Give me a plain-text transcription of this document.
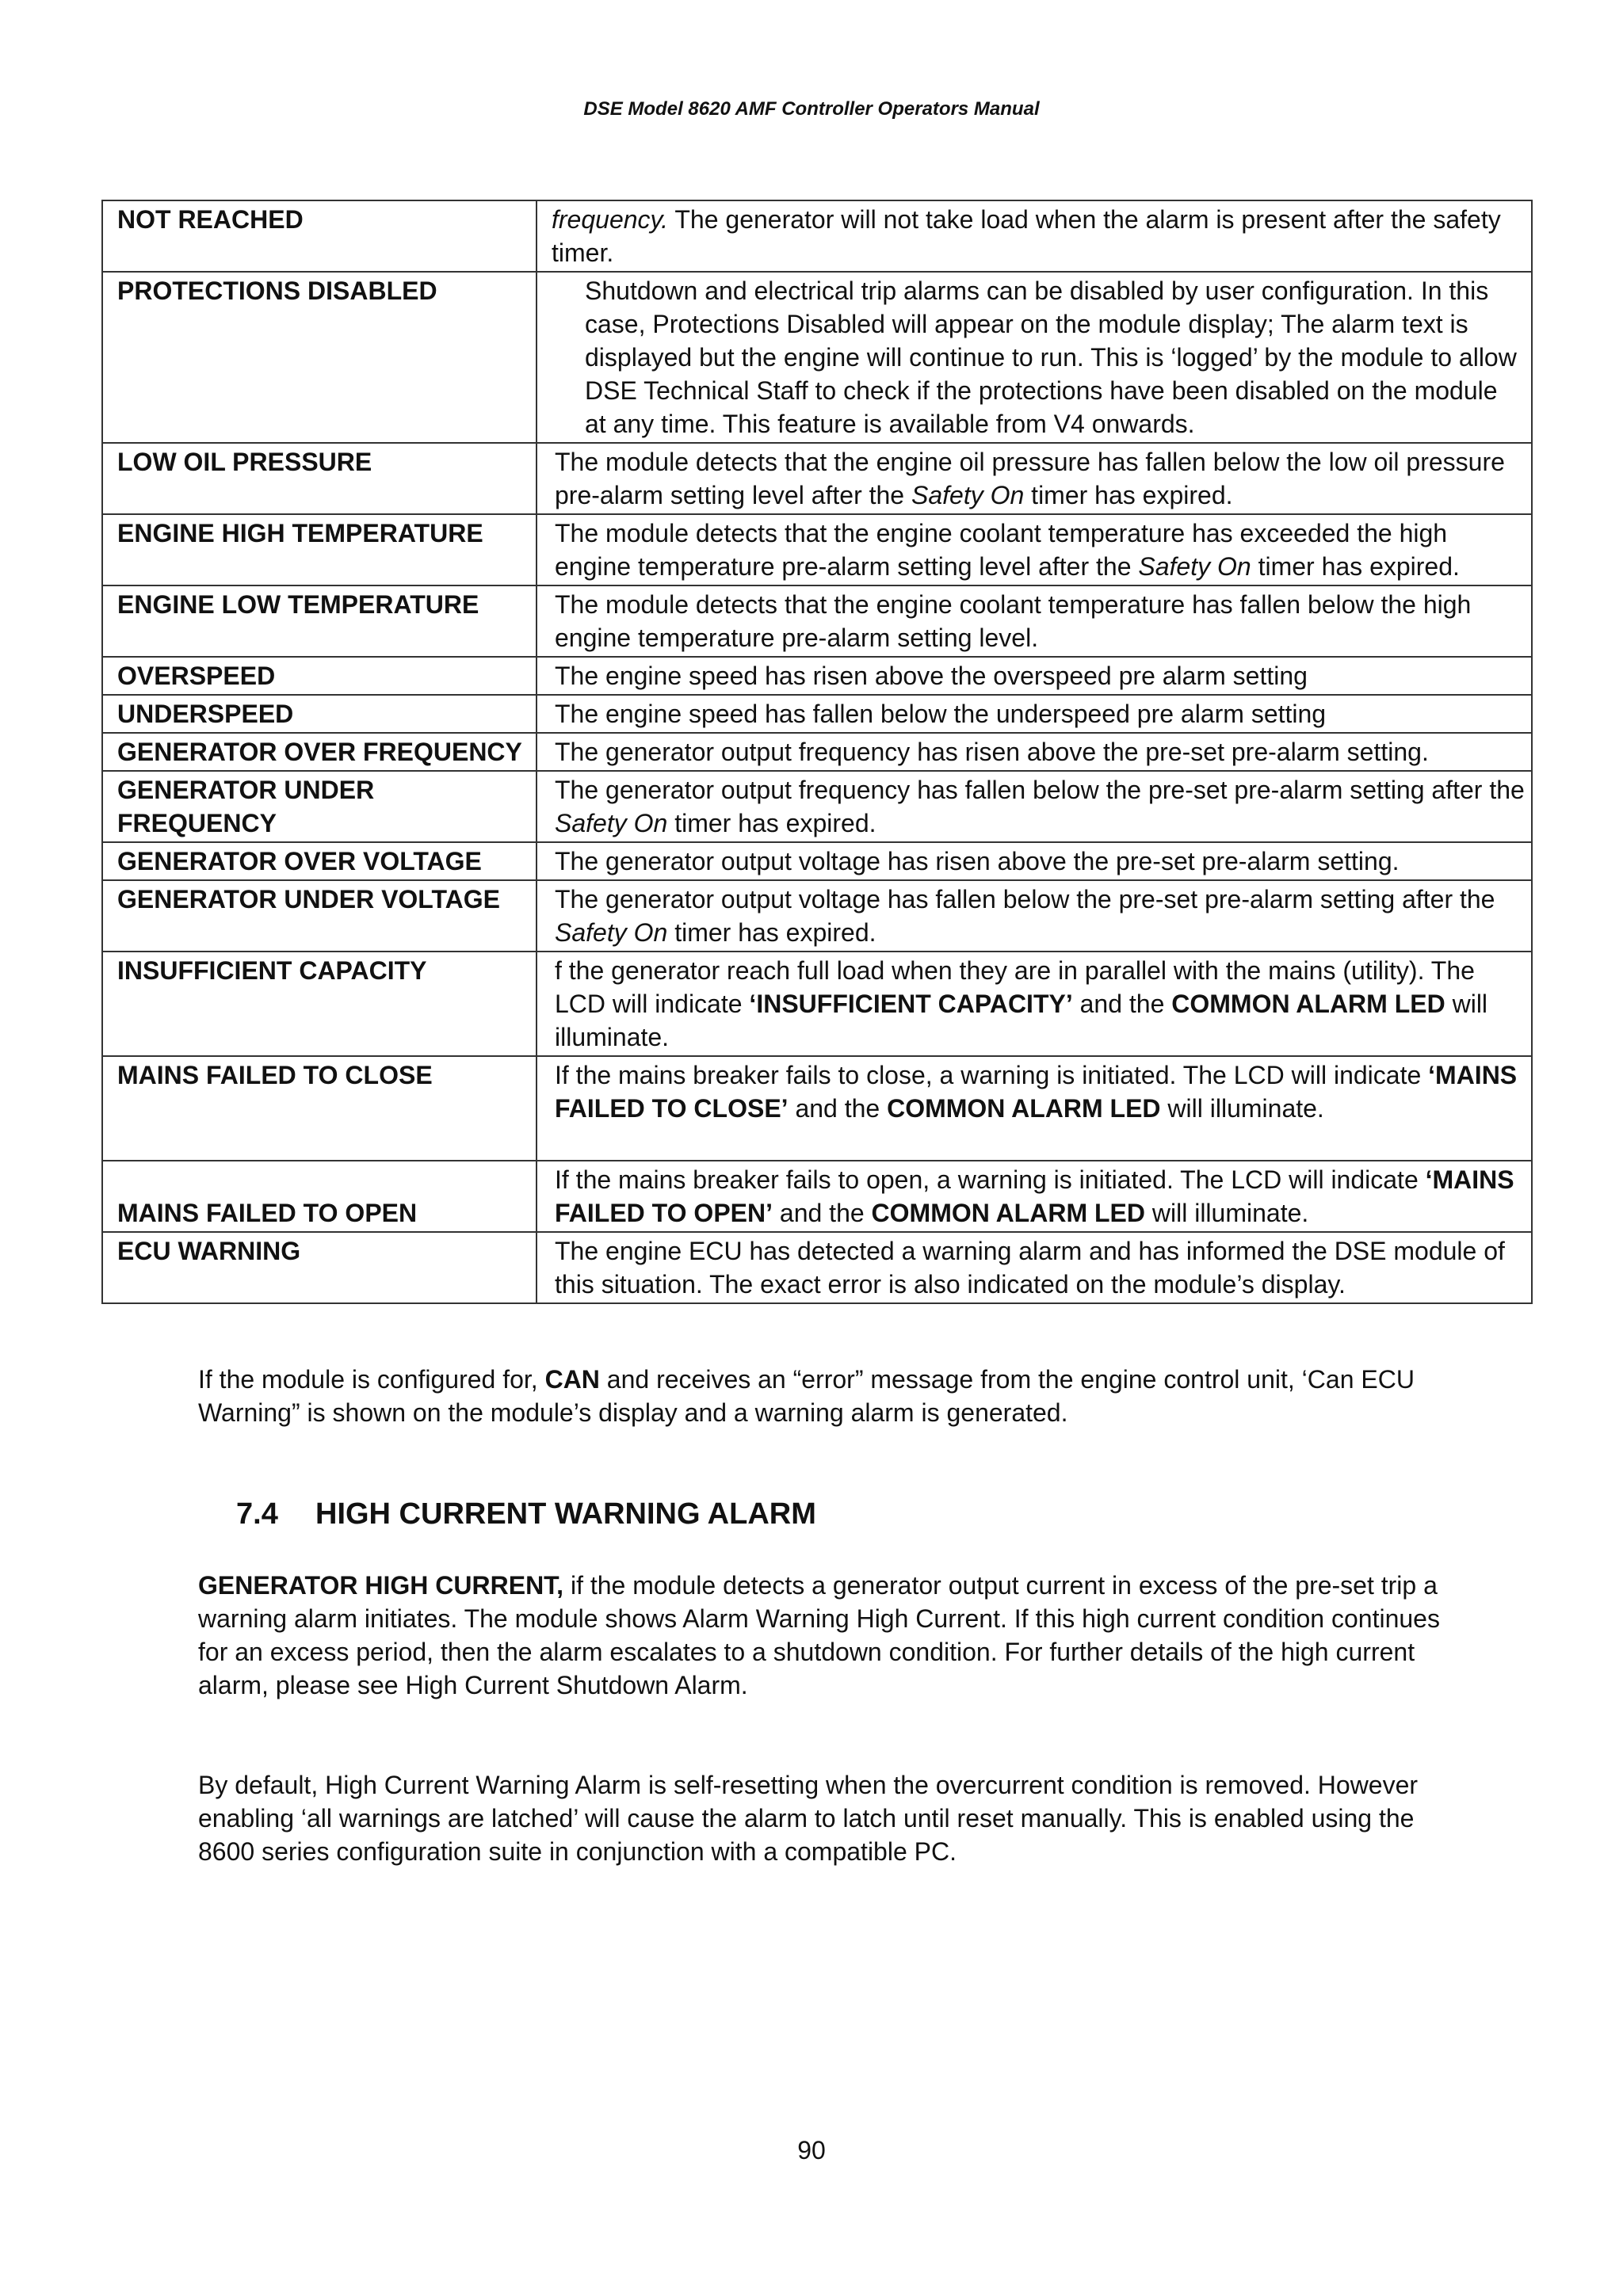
DSE Model 8620 AMF Controller Operators Manual
NOT REACHED	frequency. The generator will not take load when the alarm is present after the safety timer.
PROTECTIONS DISABLED	Shutdown and electrical trip alarms can be disabled by user configuration. In this case, Protections Disabled will appear on the module display; The alarm text is displayed but the engine will continue to run. This is ‘logged’ by the module to allow DSE Technical Staff to check if the protections have been disabled on the module at any time. This feature is available from V4 onwards.
LOW OIL PRESSURE	The module detects that the engine oil pressure has fallen below the low oil pressure pre-alarm setting level after the Safety On timer has expired.
ENGINE HIGH TEMPERATURE	The module detects that the engine coolant temperature has exceeded the high engine temperature pre-alarm setting level after the Safety On timer has expired.
ENGINE LOW TEMPERATURE	The module detects that the engine coolant temperature has fallen below the high engine temperature pre-alarm setting level.
OVERSPEED	The engine speed has risen above the overspeed pre alarm setting
UNDERSPEED	The engine speed has fallen below the underspeed pre alarm setting
GENERATOR OVER FREQUENCY	The generator output frequency has risen above the pre-set pre-alarm setting.
GENERATOR UNDER FREQUENCY	The generator output frequency has fallen below the pre-set pre-alarm setting after the Safety On timer has expired.
GENERATOR OVER VOLTAGE	The generator output voltage has risen above the pre-set pre-alarm setting.
GENERATOR UNDER VOLTAGE	The generator output voltage has fallen below the pre-set pre-alarm setting after the Safety On timer has expired.
INSUFFICIENT CAPACITY	f the generator reach full load when they are in parallel with the mains (utility). The LCD will indicate ‘INSUFFICIENT CAPACITY’ and the COMMON ALARM LED will illuminate.
MAINS FAILED TO CLOSE	If the mains breaker fails to close, a warning is initiated. The LCD will indicate ‘MAINS FAILED TO CLOSE’ and the COMMON ALARM LED will illuminate.
MAINS FAILED TO OPEN	If the mains breaker fails to open, a warning is initiated. The LCD will indicate ‘MAINS FAILED TO OPEN’ and the COMMON ALARM LED will illuminate.
ECU WARNING	The engine ECU has detected a warning alarm and has informed the DSE module of this situation. The exact error is also indicated on the module’s display.
If the module is configured for, CAN and receives an “error” message from the engine control unit, ‘Can ECU Warning” is shown on the module’s display and a warning alarm is generated.
7.4 HIGH CURRENT WARNING ALARM
GENERATOR HIGH CURRENT, if the module detects a generator output current in excess of the pre-set trip a warning alarm initiates. The module shows Alarm Warning High Current. If this high current condition continues for an excess period, then the alarm escalates to a shutdown condition. For further details of the high current alarm, please see High Current Shutdown Alarm.
By default, High Current Warning Alarm is self-resetting when the overcurrent condition is removed. However enabling ‘all warnings are latched’ will cause the alarm to latch until reset manually. This is enabled using the 8600 series configuration suite in conjunction with a compatible PC.
90
